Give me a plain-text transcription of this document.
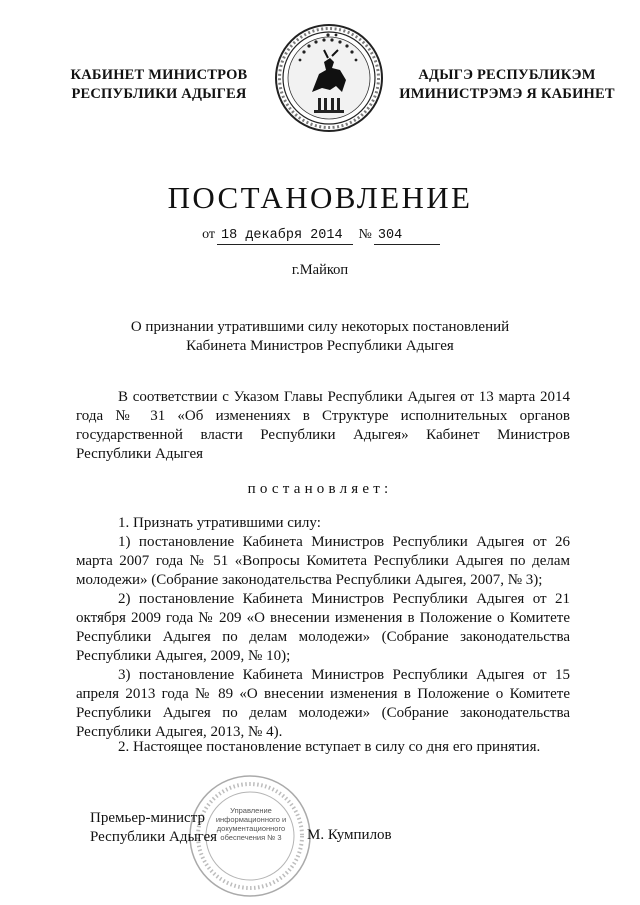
КАБИНЕТ МИНИСТРОВ
РЕСПУБЛИКИ АДЫГЕЯ
АДЫГЭ РЕСПУБЛИКЭМ
ИМИНИСТРЭМЭ Я КАБИНЕТ
ПОСТАНОВЛЕНИЕ
от 18 декабря 2014 № 304
г.Майкоп
О признании утратившими силу некоторых постановлений
Кабинета Министров Республики Адыгея

В соответствии с Указом Главы Республики Адыгея от 13 марта 2014 года № 31 «Об изменениях в Структуре исполнительных органов государственной власти Республики Адыгея» Кабинет Министров Республики Адыгея

постановляет:

1. Признать утратившими силу:

1) постановление Кабинета Министров Республики Адыгея от 26 марта 2007 года № 51 «Вопросы Комитета Республики Адыгея по делам молодежи» (Собрание законодательства Республики Адыгея, 2007, № 3);

2) постановление Кабинета Министров Республики Адыгея от 21 октября 2009 года № 209 «О внесении изменения в Положение о Комитете Республики Адыгея по делам молодежи» (Собрание законодательства Республики Адыгея, 2009, № 10);

3) постановление Кабинета Министров Республики Адыгея от 15 апреля 2013 года № 89 «О внесении изменения в Положение о Комитете Республики Адыгея по делам молодежи» (Собрание законодательства Республики Адыгея, 2013, № 4).

2. Настоящее постановление вступает в силу со дня его принятия.

Управление информационного и документационного обеспечения № 3
Премьер-министр
Республики Адыгея	М. Кумпилов
